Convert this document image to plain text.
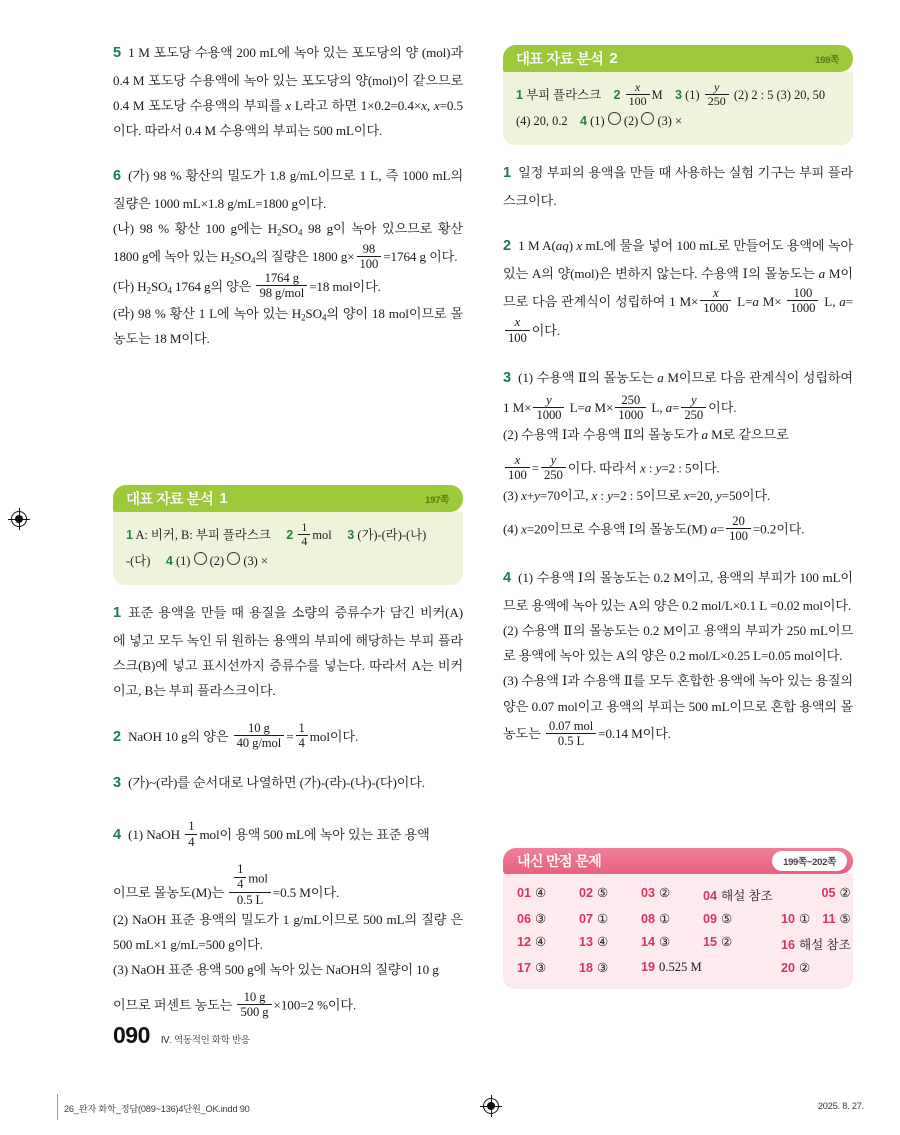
5 1 M 포도당 수용액 200 mL에 녹아 있는 포도당의 양 (mol)과 0.4 M 포도당 수용액에 녹아 있는 포도당의 양(mol)이 같으므로 0.4 M 포도당 수용액의 부피를 x L라고 하면 1×0.2=0.4×x, x=0.5이다. 따라서 0.4 M 수용액의 부피는 500 mL이다.
6 (가) 98 % 황산의 밀도가 1.8 g/mL이므로 1 L, 즉 1000 mL의 질량은 1000 mL×1.8 g/mL=1800 g이다.
(나) 98 % 황산 100 g에는 $H_2SO_4$ 98 g이 녹아 있으므로 황산 1800 g에 녹아 있는 $H_2SO_4$의 질량은 1800 $g\times \frac{98}{100} =1764$ g 이다.
(다) $H_2SO_4$ 1764 g의 양은 $\frac{1764 g}{\text{98 g/mol}} =18$ mol이다.
(라) 98 % 황산 1 L에 녹아 있는 $H_2SO_4$의 양이 18 mol이므로 몰농도는 18 M이다.
대표 자료 분석 1	197쪽
1 A: 비커, B: 부피 플라스크 $2 \frac{1}{4}$ mol 3 (가)-(라)-(나)
-(다) 4 (1) ○ (2) ○ (3) ×
1 표준 용액을 만들 때 용질을 소량의 증류수가 담긴 비커(A) 에 넣고 모두 녹인 뒤 원하는 용액의 부피에 해당하는 부피 플라스크(B)에 넣고 표시선까지 증류수를 넣는다. 따라서 A는 비커이고, B는 부피 플라스크이다.
2 NaOH 10 g의 양은 $\frac{10 g}{\text{40 g/mol}} = \frac{1}{4}$ mol이다.
3 (가)~(라)를 순서대로 나열하면 (가)-(라)-(나)-(다)이다.
4 (1) NaOH $\frac{1}{4}$ mol이 용액 500 mL에 녹아 있는 표준 용액
이므로 몰농도(M)는 $\frac{\frac{1}{4} mol}{0.5 L} =0.5$ M이다.
(2) NaOH 표준 용액의 밀도가 1 g/mL이므로 500 mL의 질량 은 500 mL×1 g/mL=500 g이다.
(3) NaOH 표준 용액 500 g에 녹아 있는 NaOH의 질량이 10 g
이므로 퍼센트 농도는 $\frac{10 g}{500 g} \times 100=2$ %이다.
대표 자료 분석 2	198쪽
1 부피 플라스크 $2 \frac{x}{100}$ M 3 $(1) \frac{y}{250} (2)$ 2 : 5 (3) 20, 50
(4) 20, 0.2 4 (1) ○ (2) ○ (3) ×
1 일정 부피의 용액을 만들 때 사용하는 실험 기구는 부피 플라스크이다.
2 1 M A(aq) x mL에 물을 넣어 100 mL로 만들어도 용액에 녹아 있는 A의 양(mol)은 변하지 않는다. 수용액 Ⅰ의 몰농도는 a M이므로 다음 관계식이 성립하여 1 $M\times \frac{x}{1000} L=a$ $M\times \frac{100}{1000} L$, a=
$\frac{x}{100}$ 이다.
3 (1) 수용액 Ⅱ의 몰농도는 a M이므로 다음 관계식이 성립하여 1 $M\times \frac{y}{1000} L=a$ $M\times \frac{250}{1000} L$, $a= \frac{y}{250}$ 이다.
(2) 수용액 Ⅰ과 수용액 Ⅱ의 몰농도가 a M로 같으므로

$\frac{x}{100} = \frac{y}{250}$ 이다. 따라서 x : y=2 : 5이다.
(3) x+y=70이고, x : y=2 : 5이므로 x=20, y=50이다.
(4) x=20이므로 수용액 Ⅰ의 몰농도(M) $a= \frac{20}{100} =0.2$이다.
4 (1) 수용액 Ⅰ의 몰농도는 0.2 M이고, 용액의 부피가 100 mL이므로 용액에 녹아 있는 A의 양은 0.2 mol/L×0.1 L =0.02 mol이다.
(2) 수용액 Ⅱ의 몰농도는 0.2 M이고 용액의 부피가 250 mL이므로 용액에 녹아 있는 A의 양은 0.2 mol/L×0.25 L=0.05 mol이다.
(3) 수용액 Ⅰ과 수용액 Ⅱ를 모두 혼합한 용액에 녹아 있는 용질의 양은 0.07 mol이고 용액의 부피는 500 mL이므로 혼합 용액의 몰농도는 $\frac{\text{0.07 mol}}{0.5 L} =0.14$ M이다.
내신 만점 문제	199쪽~202쪽
01 ④	02 ⑤	03 ②	04 해설 참조	05 ②
06 ③	07 ①	08 ①	09 ⑤	10 ① 11 ⑤
12 ④	13 ④	14 ③	15 ②	16 해설 참조
17 ③	18 ③	19 0.525 M	20 ②
090 Ⅳ. 역동적인 화학 반응
26_완자 화학_정답(089~136)4단원_OK.indd 90	2025. 8. 27.
